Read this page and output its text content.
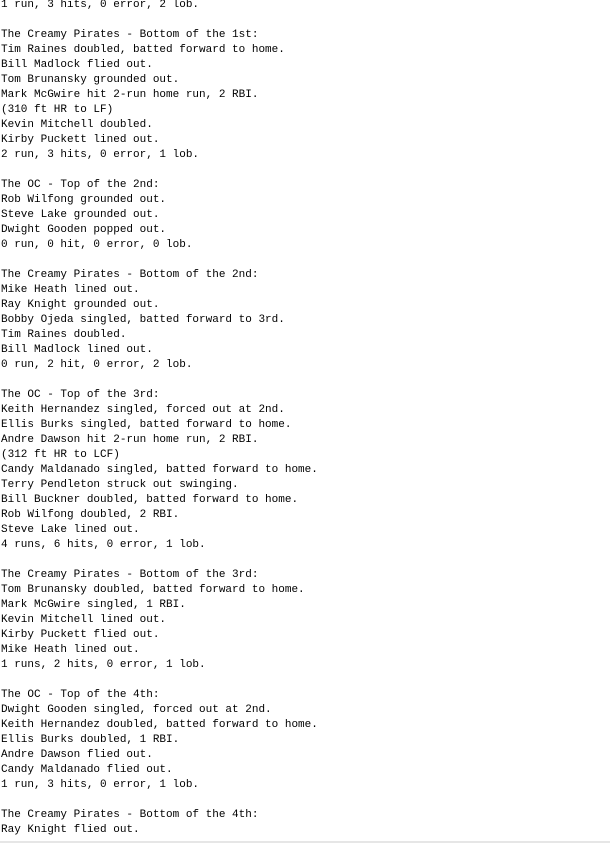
1 run, 3 hits, 0 error, 2 lob.
The Creamy Pirates - Bottom of the 1st:
Tim Raines doubled, batted forward to home.
Bill Madlock flied out.
Tom Brunansky grounded out.
Mark McGwire hit 2-run home run, 2 RBI.
(310 ft HR to LF)
Kevin Mitchell doubled.
Kirby Puckett lined out.
2 run, 3 hits, 0 error, 1 lob.
The OC - Top of the 2nd:
Rob Wilfong grounded out.
Steve Lake grounded out.
Dwight Gooden popped out.
0 run, 0 hit, 0 error, 0 lob.
The Creamy Pirates - Bottom of the 2nd:
Mike Heath lined out.
Ray Knight grounded out.
Bobby Ojeda singled, batted forward to 3rd.
Tim Raines doubled.
Bill Madlock lined out.
0 run, 2 hit, 0 error, 2 lob.
The OC - Top of the 3rd:
Keith Hernandez singled, forced out at 2nd.
Ellis Burks singled, batted forward to home.
Andre Dawson hit 2-run home run, 2 RBI.
(312 ft HR to LCF)
Candy Maldanado singled, batted forward to home.
Terry Pendleton struck out swinging.
Bill Buckner doubled, batted forward to home.
Rob Wilfong doubled, 2 RBI.
Steve Lake lined out.
4 runs, 6 hits, 0 error, 1 lob.
The Creamy Pirates - Bottom of the 3rd:
Tom Brunansky doubled, batted forward to home.
Mark McGwire singled, 1 RBI.
Kevin Mitchell lined out.
Kirby Puckett flied out.
Mike Heath lined out.
1 runs, 2 hits, 0 error, 1 lob.
The OC - Top of the 4th:
Dwight Gooden singled, forced out at 2nd.
Keith Hernandez doubled, batted forward to home.
Ellis Burks doubled, 1 RBI.
Andre Dawson flied out.
Candy Maldanado flied out.
1 run, 3 hits, 0 error, 1 lob.
The Creamy Pirates - Bottom of the 4th:
Ray Knight flied out.
